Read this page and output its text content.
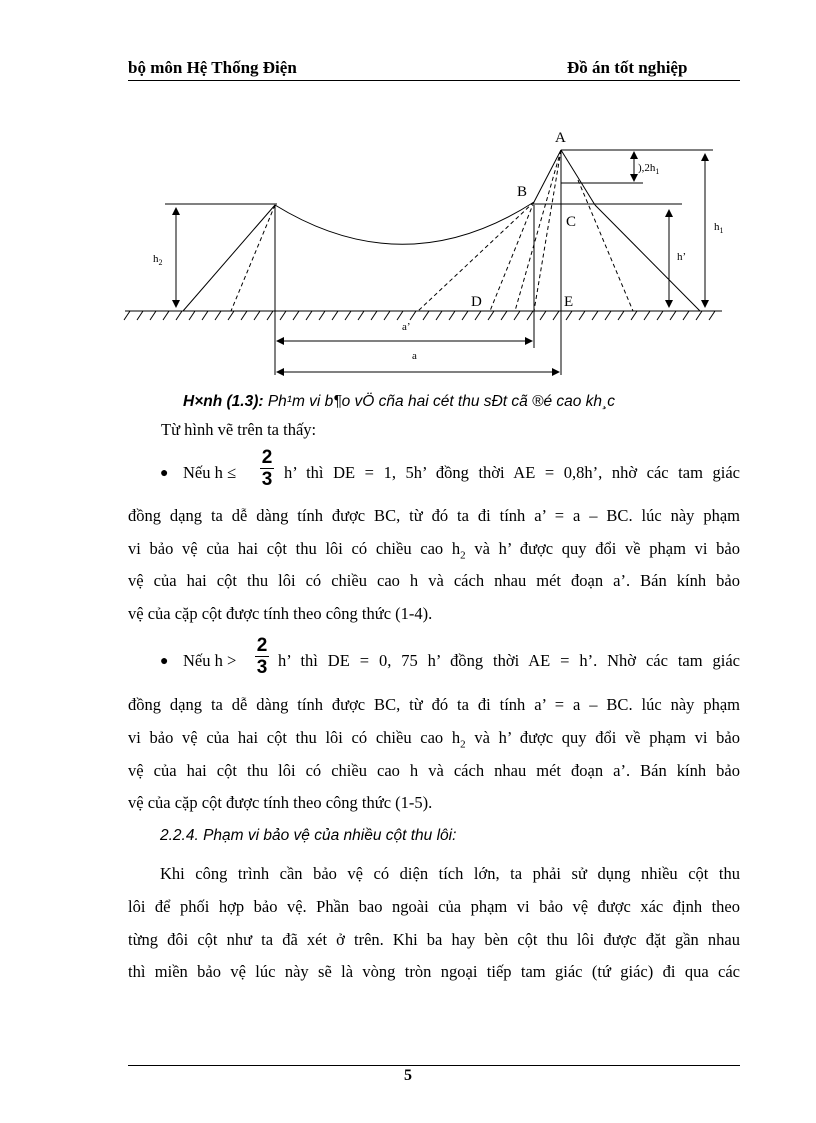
bộ môn Hệ Thống Điện	Đồ án tốt nghiệp
A
B
C
D	E
$h_2$
$h_1$
h’
)$,2h_1$
a’
a
H×nh (1.3): Ph¹m vi b¶o vÖ cña hai cét thu sÐt cã ®é cao kh¸c
Từ hình vẽ trên ta thấy:
● Nếu h ≤
2
3 h’ thì DE = 1, 5h’ đồng thời AE = 0,8h’, nhờ các tam giác
đồng dạng ta dễ dàng tính được BC, từ đó ta đi tính a’ = a – BC. lúc này phạm
vi bảo vệ của hai cột thu lôi có chiều cao $h_2$ và h’ được quy đổi về phạm vi bảo
vệ của hai cột thu lôi có chiều cao h và cách nhau mét đoạn a’. Bán kính bảo
vệ của cặp cột được tính theo công thức (1-4).
● Nếu h >
2
3 h’ thì DE = 0, 75 h’ đồng thời AE = h’. Nhờ các tam giác
đồng dạng ta dễ dàng tính được BC, từ đó ta đi tính a’ = a – BC. lúc này phạm
vi bảo vệ của hai cột thu lôi có chiều cao $h_2$ và h’ được quy đổi về phạm vi bảo
vệ của hai cột thu lôi có chiều cao h và cách nhau mét đoạn a’. Bán kính bảo
vệ của cặp cột được tính theo công thức (1-5).
2.2.4. Phạm vi bảo vệ của nhiều cột thu lôi:
Khi công trình cần bảo vệ có diện tích lớn, ta phải sử dụng nhiều cột thu
lôi để phối hợp bảo vệ. Phần bao ngoài của phạm vi bảo vệ được xác định theo
từng đôi cột như ta đã xét ở trên. Khi ba hay bèn cột thu lôi được đặt gần nhau
thì miền bảo vệ lúc này sẽ là vòng tròn ngoại tiếp tam giác (tứ giác) đi qua các
5
